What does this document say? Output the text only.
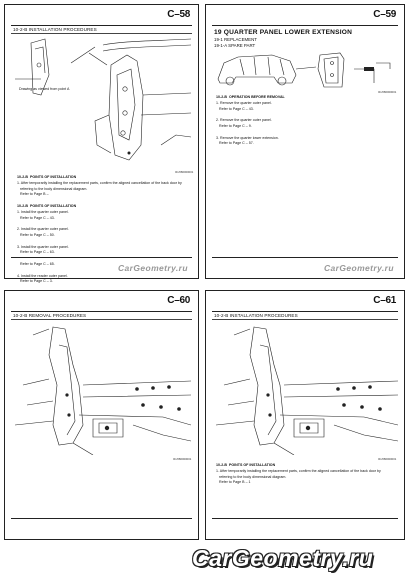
C–58
10-2-B INSTALLATION PROCEDURES
Drawing as viewed from point A
0C/080000001
10-2-B  POINTS OF INSTALLATION
1. After temporarily installing the replacement parts, confirm the aligned cancellation of the back door by
referring to the body dimensional diagram.
Refer to Page B –
10-2-B  POINTS OF INSTALLATION
1. Install the quarter outer panel.
Refer to Page C – 43.
2. Install the quarter outer panel.
Refer to Page C – 50.
3. Install the quarter outer panel.
Refer to Page C – 63.
Refer to Page C – 65.
4. Install the reader outer panel.
Refer to Page C – 3.
CarGeometry.ru
C–59
19 QUARTER PANEL LOWER EXTENSION
19-1 REPLACEMENT
19-1-A SPARE PART
0C/080000001
10-2-B  OPERATION BEFORE REMOVAL
1. Remove the quarter outer panel.
Refer to Page C – 43.
2. Remove the quarter outer panel.
Refer to Page C – 9.
3. Remove the quarter lower extension.
Refer to Page C – 57.
CarGeometry.ru
C–60
10-2-B REMOVAL PROCEDURES
0C/080000001
C–61
10-2-B INSTALLATION PROCEDURES
0C/080000001
10-2-B  POINTS OF INSTALLATION
1. After temporarily installing the replacement parts, confirm the aligned cancellation of the back door by
referring to the body dimensional diagram.
Refer to Page B – 1
CarGeometry.ru
